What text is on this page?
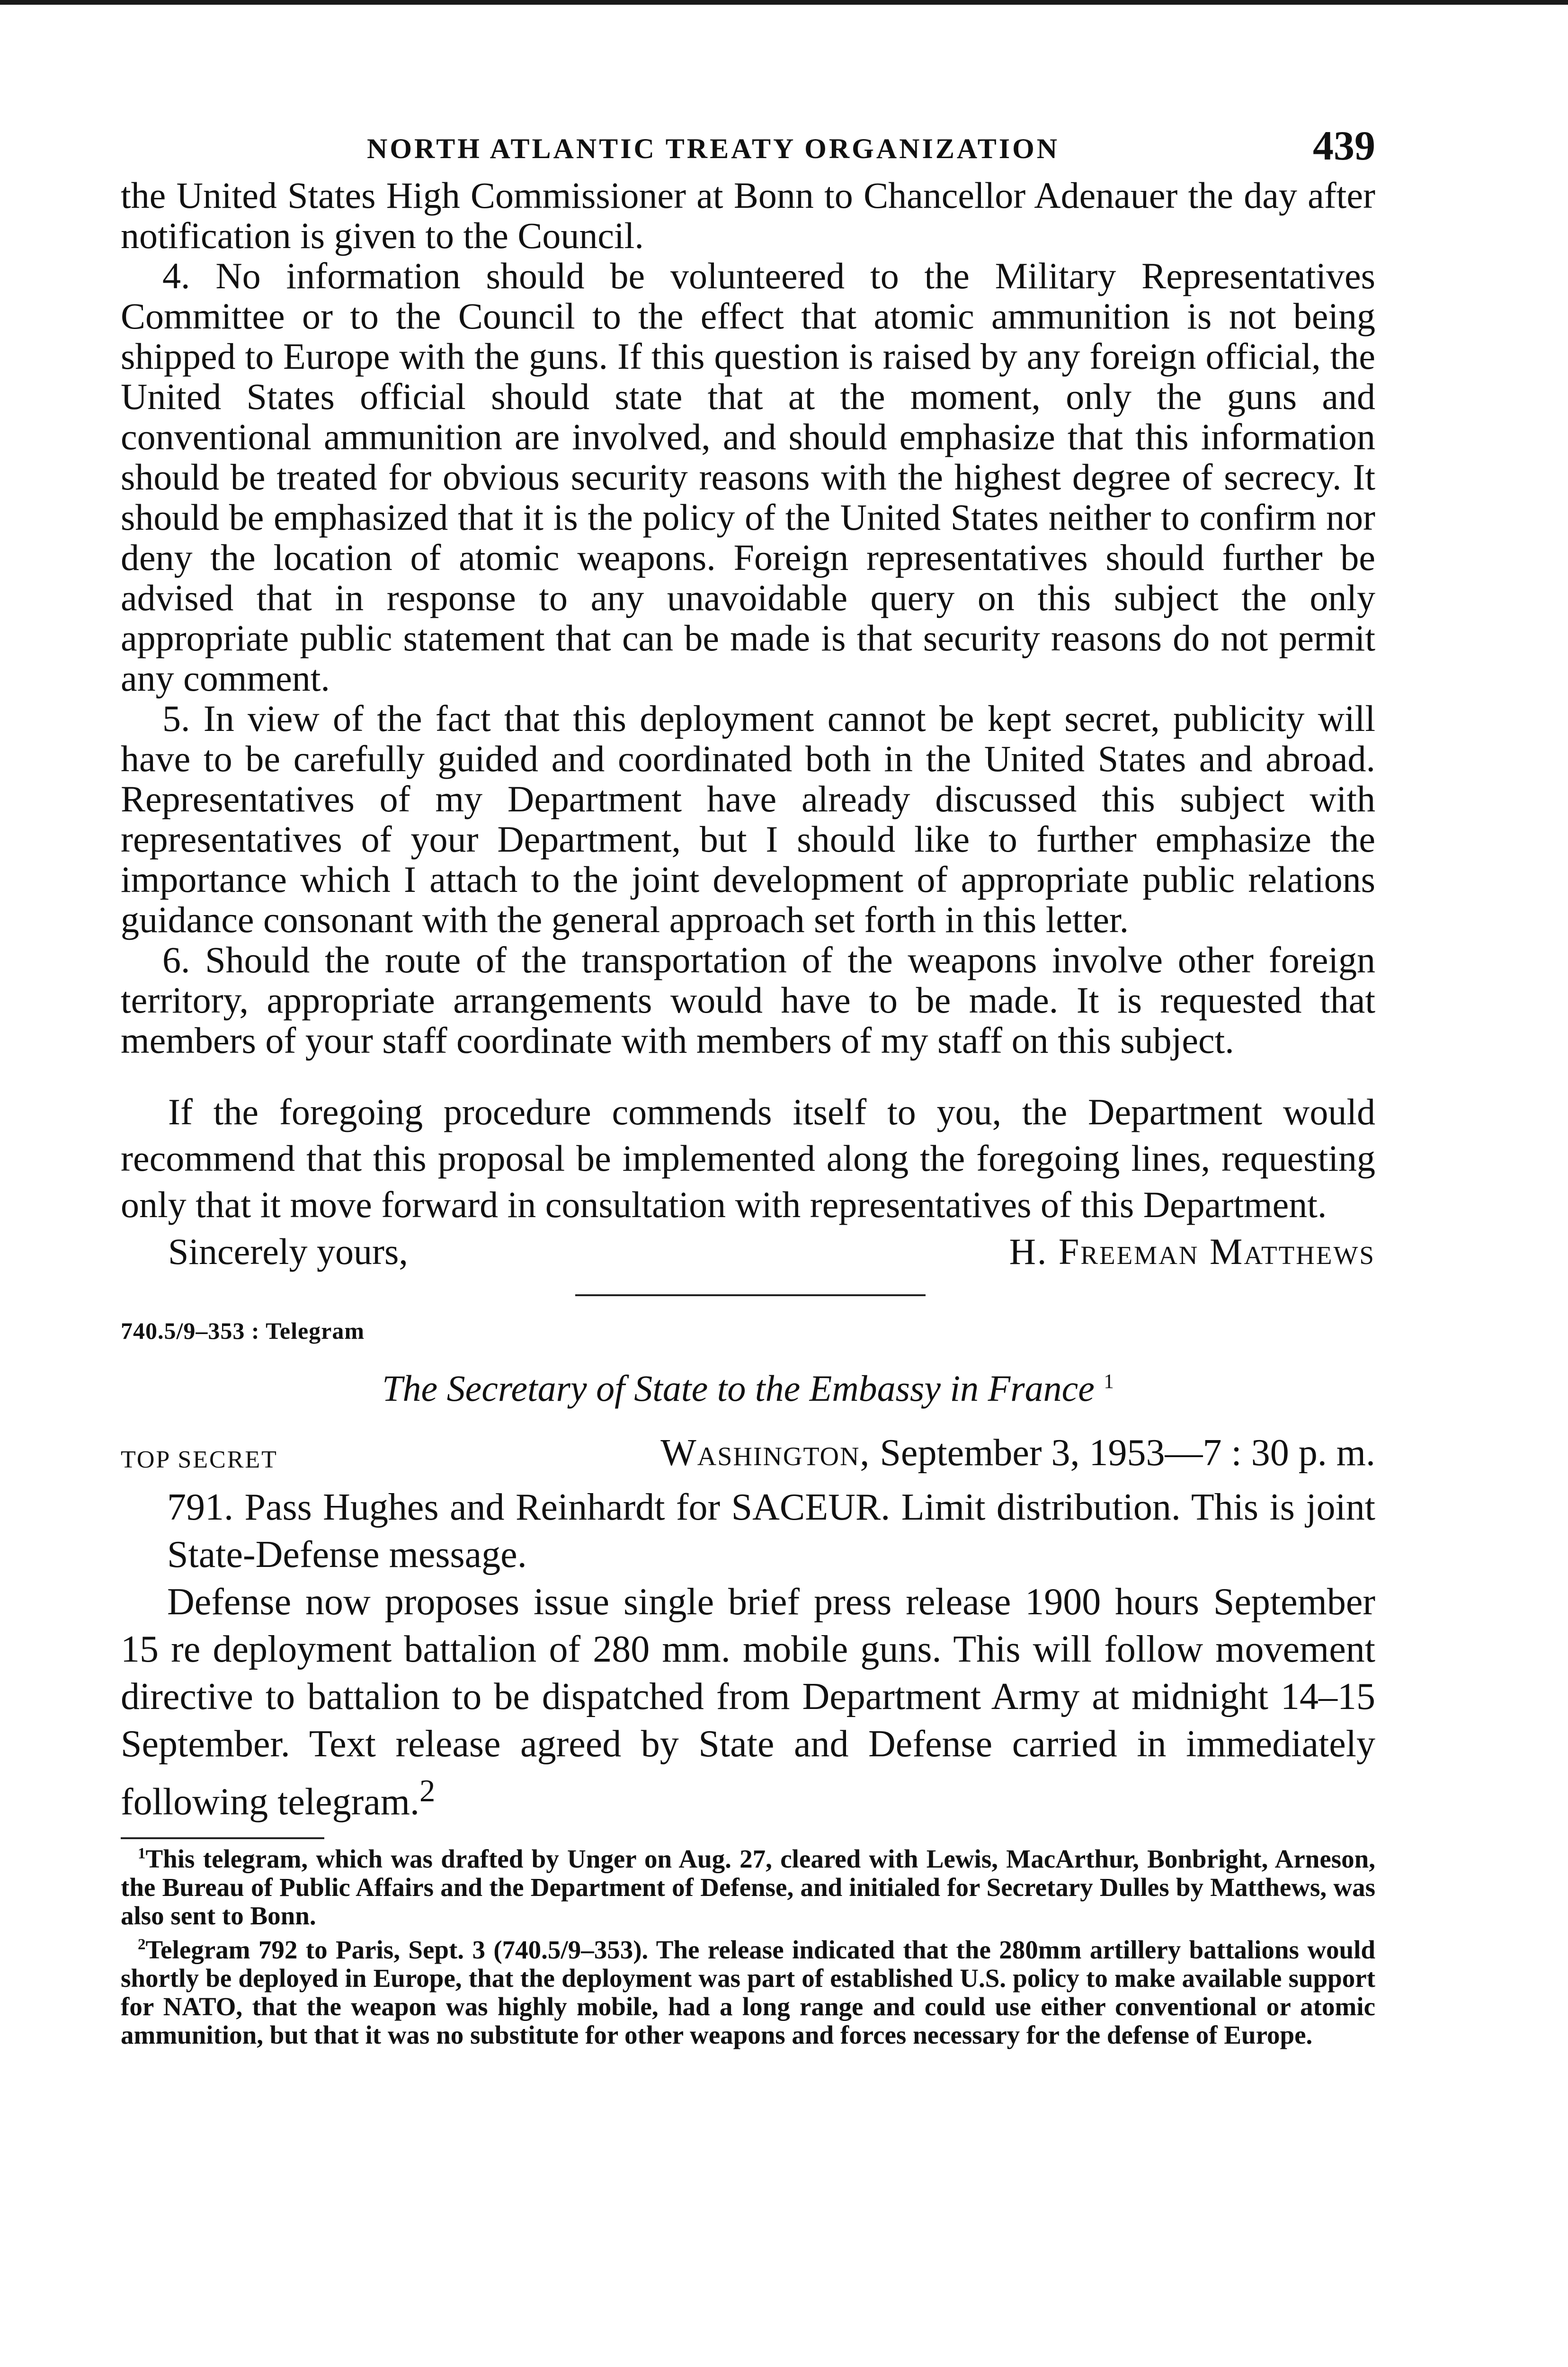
NORTH ATLANTIC TREATY ORGANIZATION	439

the United States High Commissioner at Bonn to Chancellor Adenauer the day after notification is given to the Council.

4. No information should be volunteered to the Military Representatives Committee or to the Council to the effect that atomic ammunition is not being shipped to Europe with the guns. If this question is raised by any foreign official, the United States official should state that at the moment, only the guns and conventional ammunition are involved, and should emphasize that this information should be treated for obvious security reasons with the highest degree of secrecy. It should be emphasized that it is the policy of the United States neither to confirm nor deny the location of atomic weapons. Foreign representatives should further be advised that in response to any unavoidable query on this subject the only appropriate public statement that can be made is that security reasons do not permit any comment.

5. In view of the fact that this deployment cannot be kept secret, publicity will have to be carefully guided and coordinated both in the United States and abroad. Representatives of my Department have already discussed this subject with representatives of your Department, but I should like to further emphasize the importance which I attach to the joint development of appropriate public relations guidance consonant with the general approach set forth in this letter.

6. Should the route of the transportation of the weapons involve other foreign territory, appropriate arrangements would have to be made. It is requested that members of your staff coordinate with members of my staff on this subject.

If the foregoing procedure commends itself to you, the Department would recommend that this proposal be implemented along the foregoing lines, requesting only that it move forward in consultation with representatives of this Department.

Sincerely yours,	H. Freeman Matthews
740.5/9–353 : Telegram
The Secretary of State to the Embassy in France $^1$
TOP SECRET	Washington, September 3, 1953—7 : 30 p. m.

791. Pass Hughes and Reinhardt for SACEUR. Limit distribution. This is joint State-Defense message.

Defense now proposes issue single brief press release 1900 hours September 15 re deployment battalion of 280 mm. mobile guns. This will follow movement directive to battalion to be dispatched from Department Army at midnight 14–15 September. Text release agreed by State and Defense carried in immediately following telegram.$^2$

$^1$This telegram, which was drafted by Unger on Aug. 27, cleared with Lewis, MacArthur, Bonbright, Arneson, the Bureau of Public Affairs and the Department of Defense, and initialed for Secretary Dulles by Matthews, was also sent to Bonn.

$^2$Telegram 792 to Paris, Sept. 3 (740.5/9–353). The release indicated that the 280mm artillery battalions would shortly be deployed in Europe, that the deployment was part of established U.S. policy to make available support for NATO, that the weapon was highly mobile, had a long range and could use either conventional or atomic ammunition, but that it was no substitute for other weapons and forces necessary for the defense of Europe.
